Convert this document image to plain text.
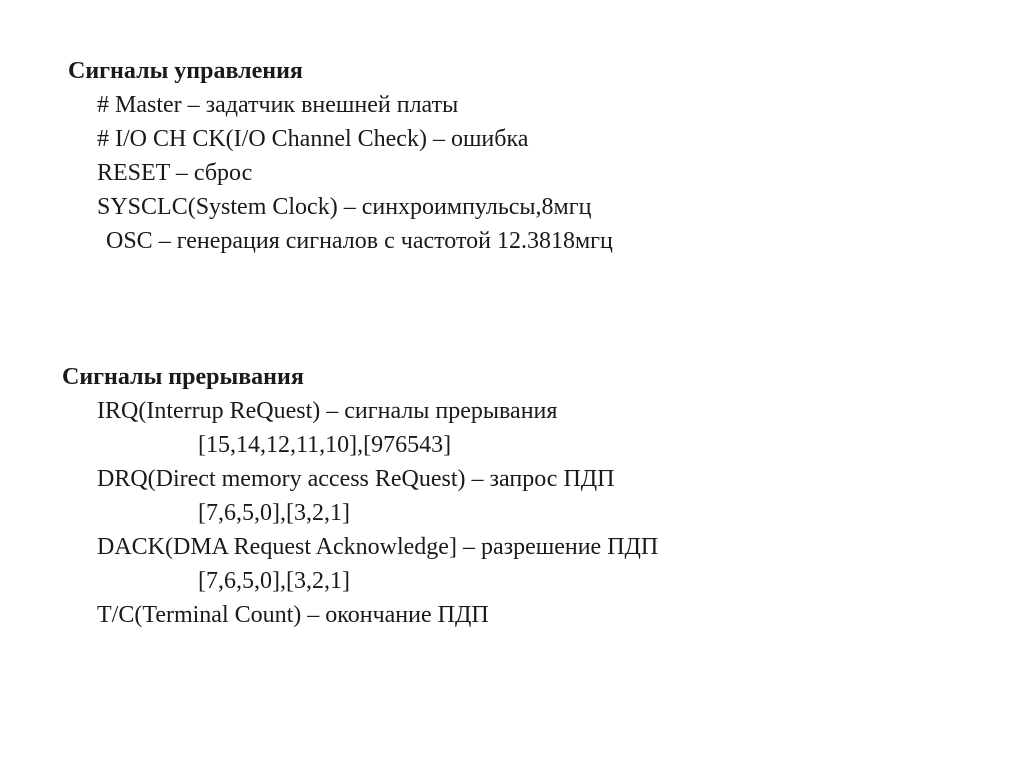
Сигналы управления
# Master – задатчик внешней платы
# I/O CH CK(I/O Channel Check) – ошибка
RESET – сброс
SYSCLC(System Clock) – синхроимпульсы,8мгц
OSC – генерация сигналов с частотой 12.3818мгц
Сигналы прерывания
IRQ(Interrup ReQuest) – сигналы прерывания
[15,14,12,11,10],[976543]
DRQ(Direct memory access ReQuest) – запрос ПДП
[7,6,5,0],[3,2,1]
DACK(DMA Request Acknowledge] – разрешение ПДП
[7,6,5,0],[3,2,1]
T/C(Terminal Count) – окончание ПДП
